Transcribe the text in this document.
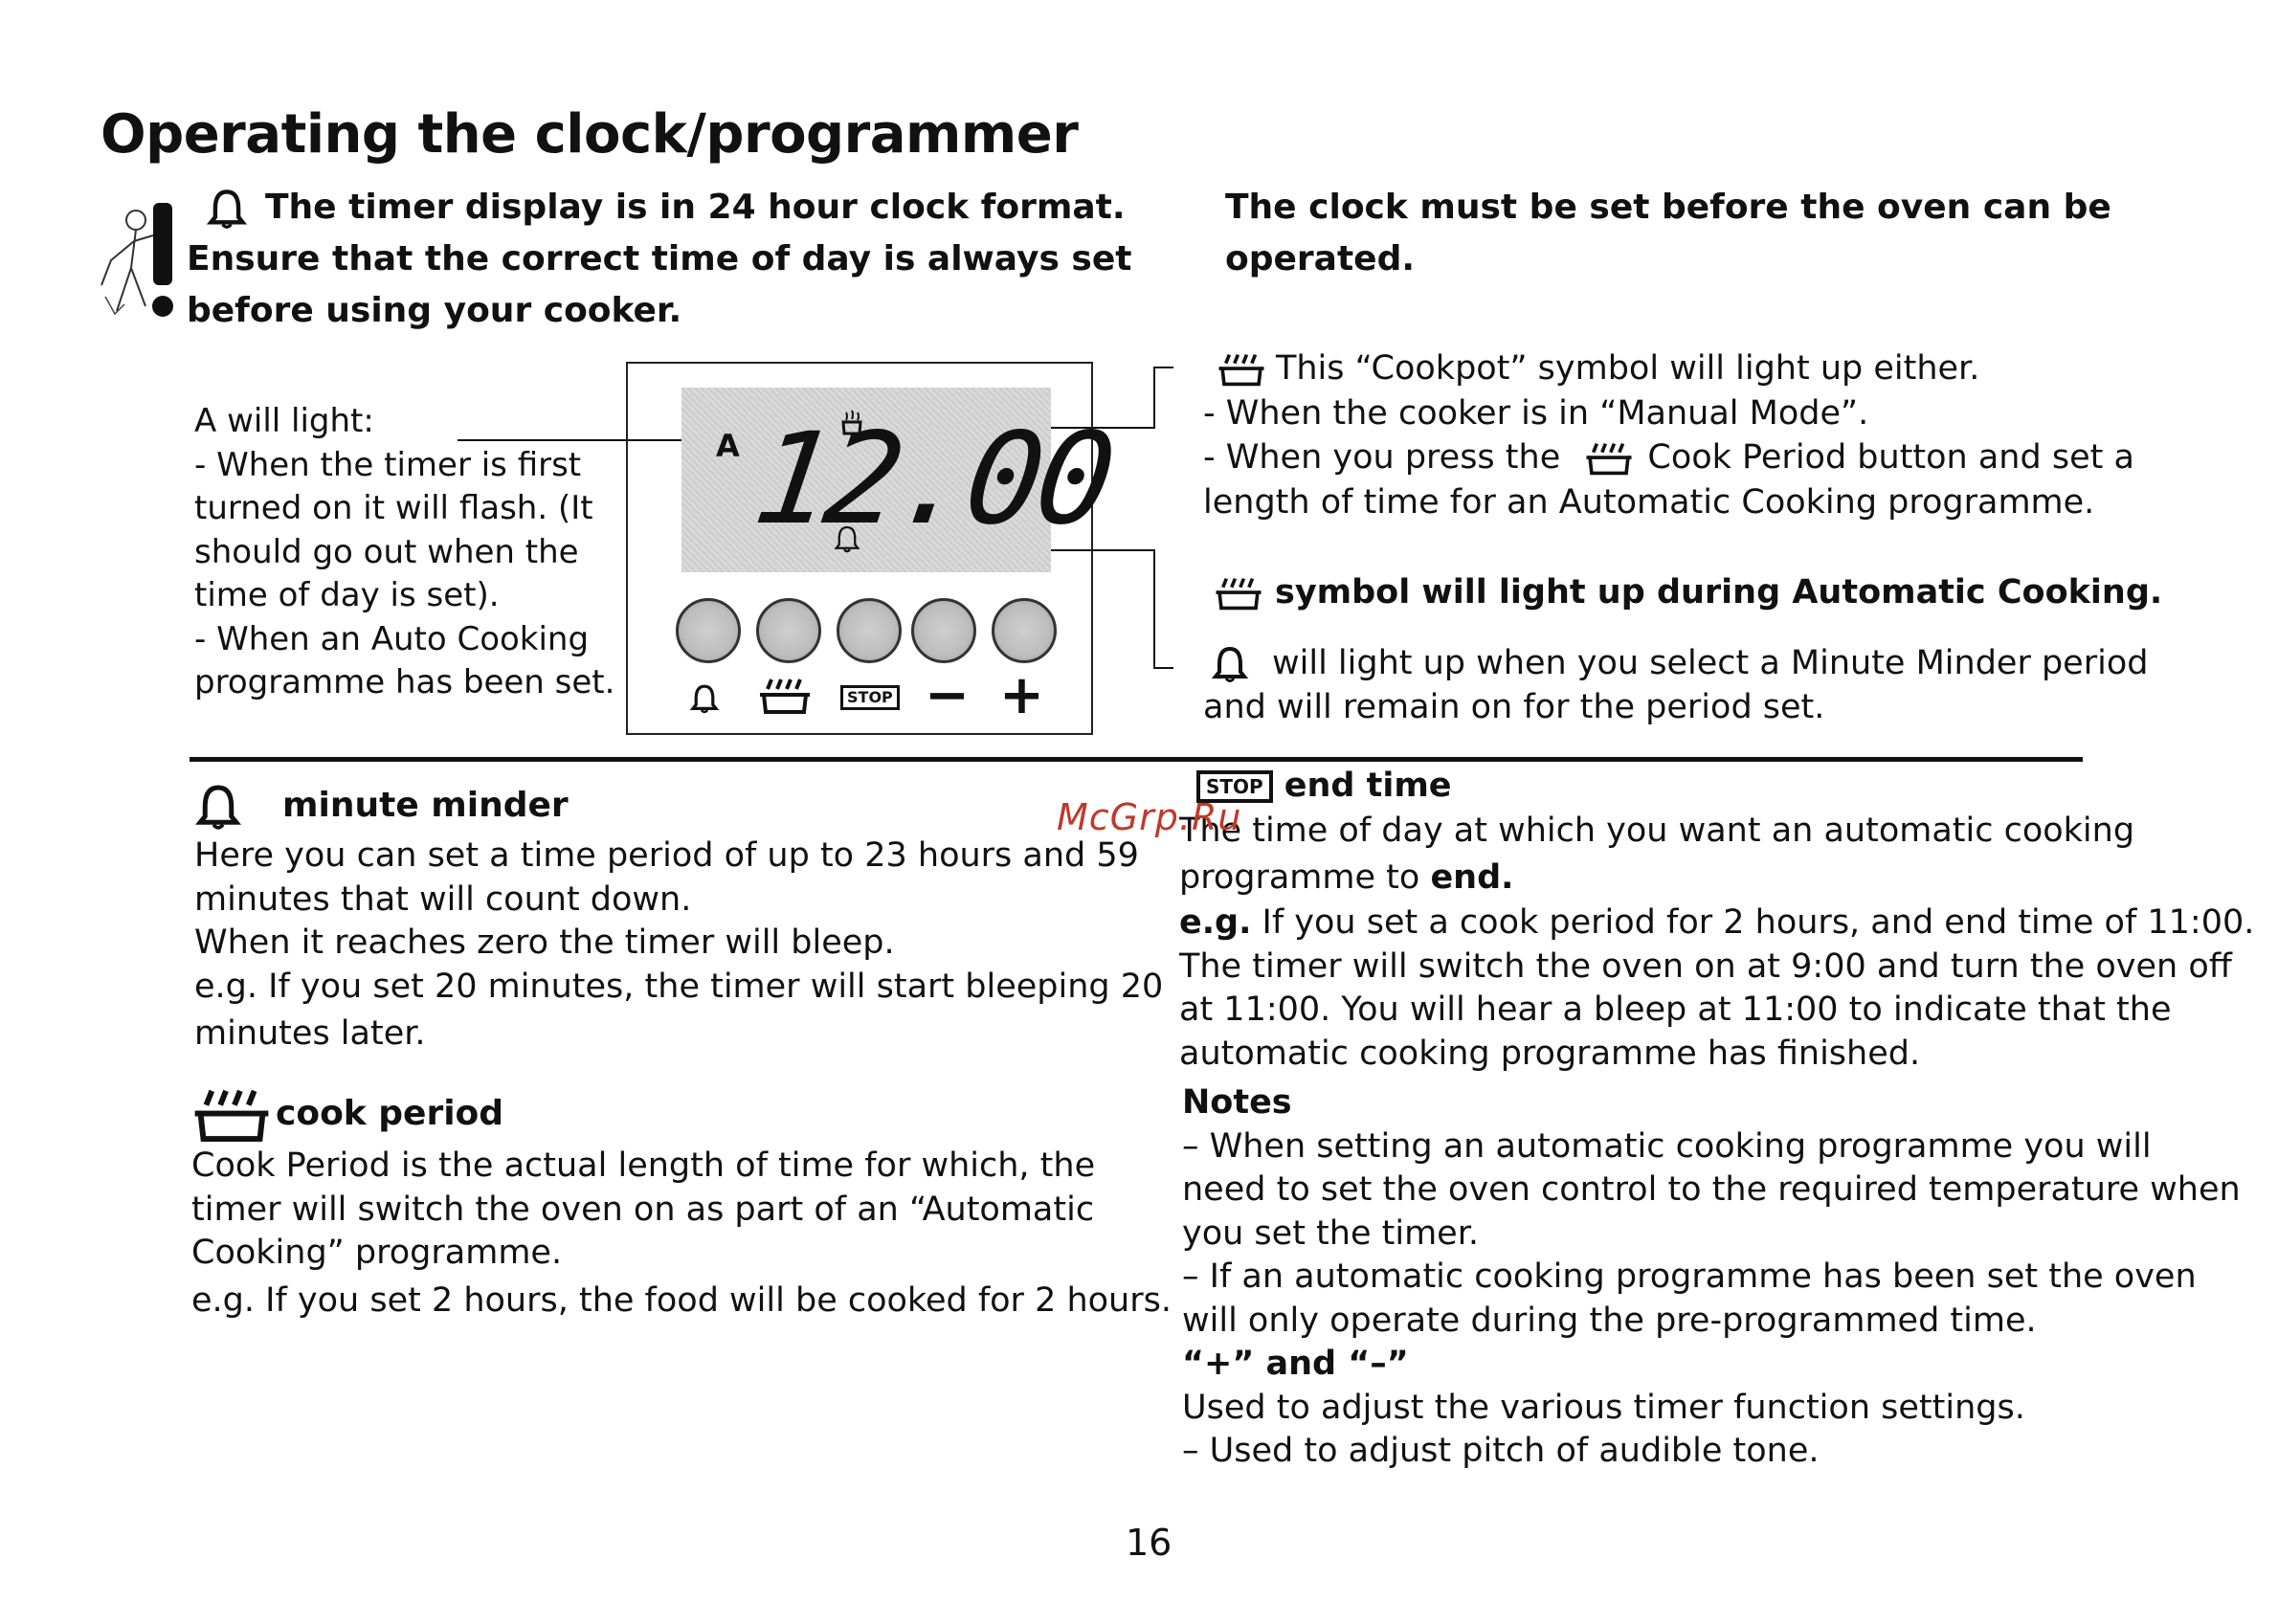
Operating the clock/programmer
The timer display is in 24 hour clock format.
Ensure that the correct time of day is always set
before using your cooker.
The clock must be set before the oven can be
operated.
A will light:
- When the timer is first
turned on it will flash. (It
should go out when the
time of day is set).
- When an Auto Cooking
programme has been set.
A 12.00
STOP − +
This “Cookpot” symbol will light up either.
- When the cooker is in “Manual Mode”.
- When you press the	Cook Period button and set a
length of time for an Automatic Cooking programme.
symbol will light up during Automatic Cooking.
will light up when you select a Minute Minder period
and will remain on for the period set.
minute minder
Here you can set a time period of up to 23 hours and 59
minutes that will count down.
When it reaches zero the timer will bleep.
e.g. If you set 20 minutes, the timer will start bleeping 20
minutes later.
cook period
Cook Period is the actual length of time for which, the
timer will switch the oven on as part of an “Automatic
Cooking” programme.
e.g. If you set 2 hours, the food will be cooked for 2 hours.
STOP end time
The time of day at which you want an automatic cooking
programme to end.
e.g. If you set a cook period for 2 hours, and end time of 11:00.
The timer will switch the oven on at 9:00 and turn the oven off
at 11:00. You will hear a bleep at 11:00 to indicate that the
automatic cooking programme has finished.
Notes
– When setting an automatic cooking programme you will
need to set the oven control to the required temperature when
you set the timer.
– If an automatic cooking programme has been set the oven
will only operate during the pre-programmed time.
“+” and “–”
Used to adjust the various timer function settings.
– Used to adjust pitch of audible tone.
McGrp.Ru
16
